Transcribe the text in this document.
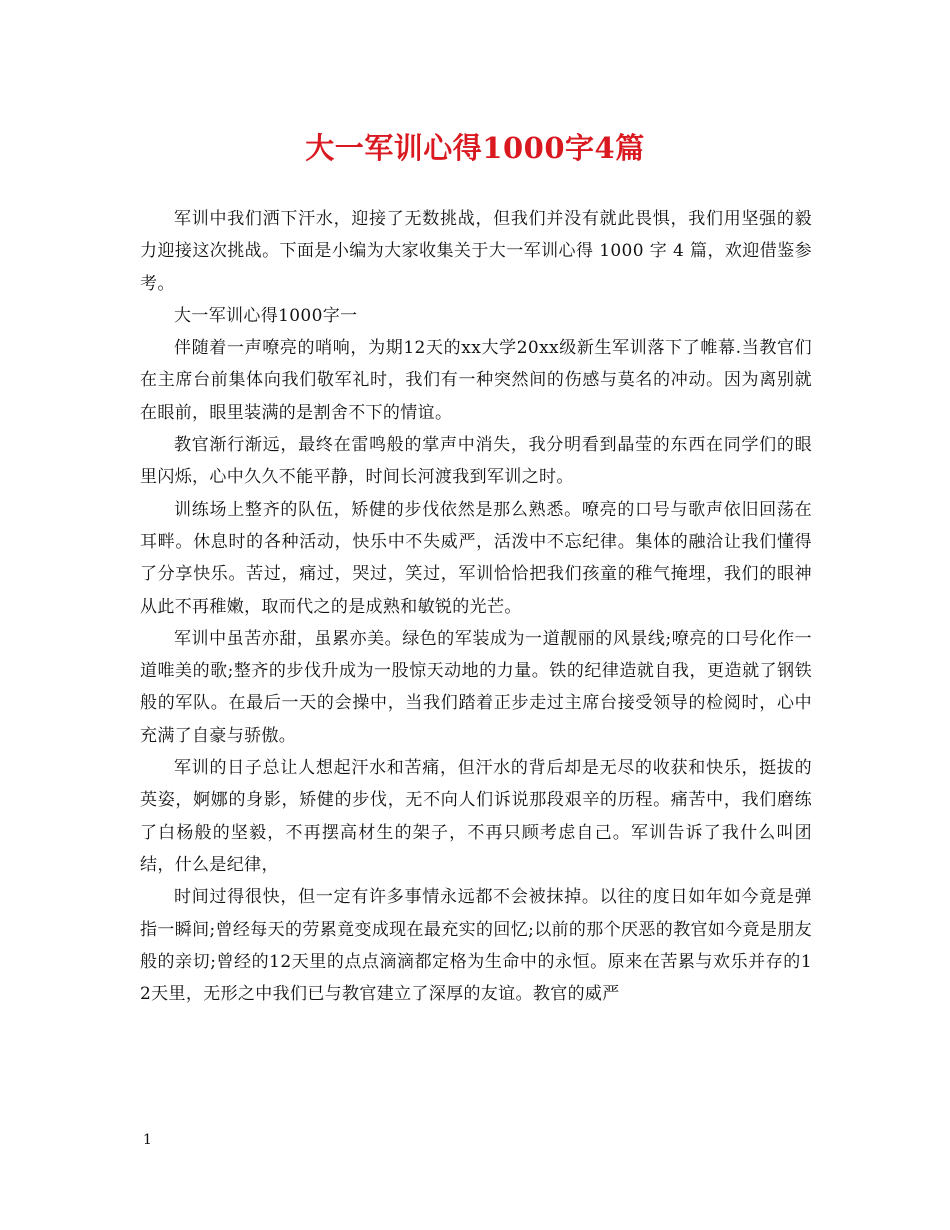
大一军训心得1000字4篇

军训中我们洒下汗水，迎接了无数挑战，但我们并没有就此畏惧，我们用坚强的毅力迎接这次挑战。下面是小编为大家收集关于大一军训心得 1000 字 4 篇，欢迎借鉴参考。

大一军训心得1000字一

伴随着一声嘹亮的哨响，为期12天的xx大学20xx级新生军训落下了帷幕.当教官们在主席台前集体向我们敬军礼时，我们有一种突然间的伤感与莫名的冲动。因为离别就在眼前，眼里装满的是割舍不下的情谊。

教官渐行渐远，最终在雷鸣般的掌声中消失，我分明看到晶莹的东西在同学们的眼里闪烁，心中久久不能平静，时间长河渡我到军训之时。

训练场上整齐的队伍，矫健的步伐依然是那么熟悉。嘹亮的口号与歌声依旧回荡在耳畔。休息时的各种活动，快乐中不失威严，活泼中不忘纪律。集体的融洽让我们懂得了分享快乐。苦过，痛过，哭过，笑过，军训恰恰把我们孩童的稚气掩埋，我们的眼神从此不再稚嫩，取而代之的是成熟和敏锐的光芒。

军训中虽苦亦甜，虽累亦美。绿色的军装成为一道靓丽的风景线;嘹亮的口号化作一道唯美的歌;整齐的步伐升成为一股惊天动地的力量。铁的纪律造就自我，更造就了钢铁般的军队。在最后一天的会操中，当我们踏着正步走过主席台接受领导的检阅时，心中充满了自豪与骄傲。

军训的日子总让人想起汗水和苦痛，但汗水的背后却是无尽的收获和快乐，挺拔的英姿，婀娜的身影，矫健的步伐，无不向人们诉说那段艰辛的历程。痛苦中，我们磨练了白杨般的坚毅，不再摆高材生的架子，不再只顾考虑自己。军训告诉了我什么叫团结，什么是纪律，

时间过得很快，但一定有许多事情永远都不会被抹掉。以往的度日如年如今竟是弹指一瞬间;曾经每天的劳累竟变成现在最充实的回忆;以前的那个厌恶的教官如今竟是朋友般的亲切;曾经的12天里的点点滴滴都定格为生命中的永恒。原来在苦累与欢乐并存的12天里，无形之中我们已与教官建立了深厚的友谊。教官的威严

1
